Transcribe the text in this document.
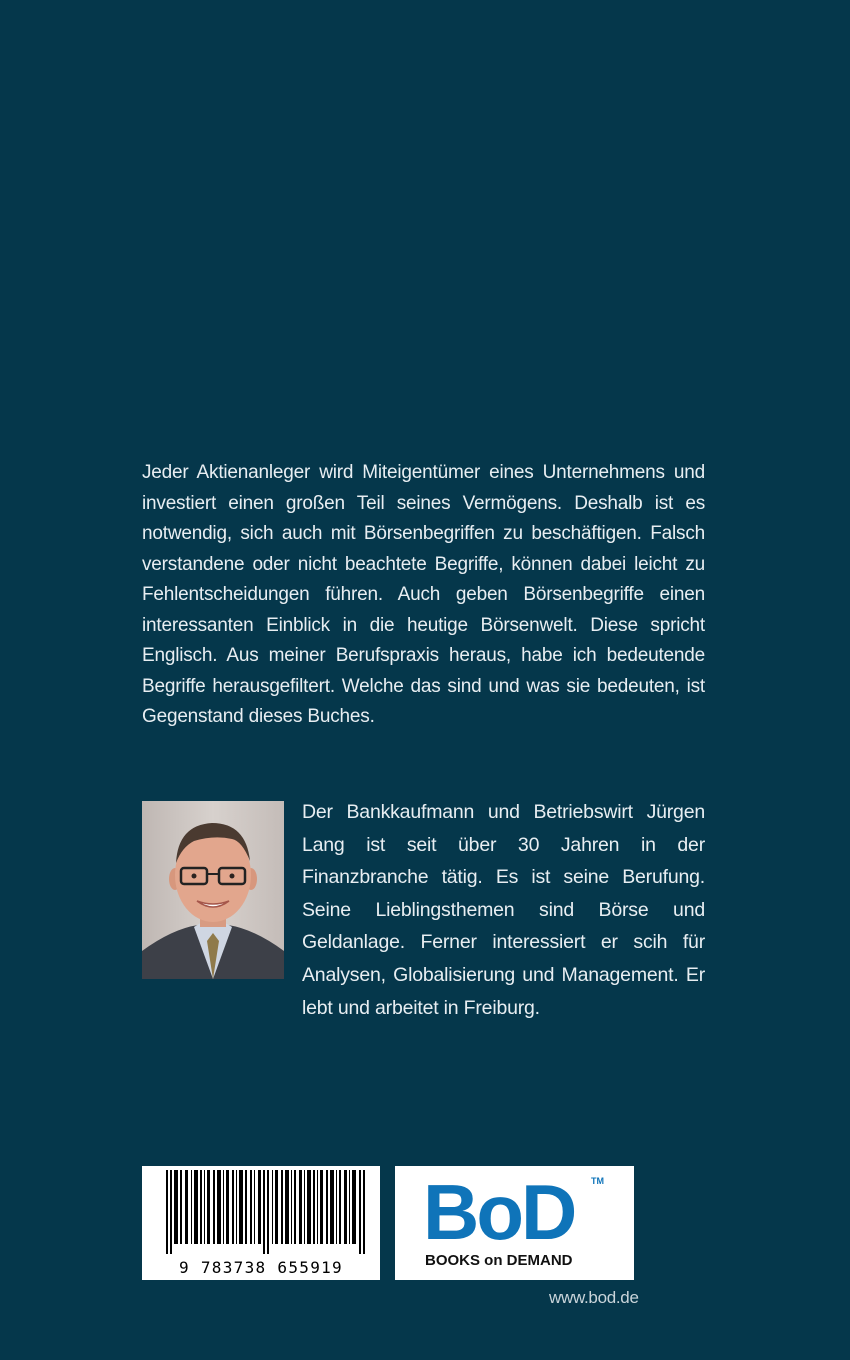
Jeder Aktienanleger wird Miteigentümer eines Unternehmens und investiert einen großen Teil seines Vermögens. Deshalb ist es notwendig, sich auch mit Börsenbegriffen zu beschäftigen. Falsch verstandene oder nicht beachtete Begriffe, können dabei leicht zu Fehlentscheidungen führen. Auch geben Börsenbegriffe einen interessanten Einblick in die heutige Börsenwelt. Diese spricht Englisch. Aus meiner Berufspraxis heraus, habe ich bedeutende Begriffe herausgefiltert. Welche das sind und was sie bedeuten, ist Gegenstand dieses Buches.
Der Bankkaufmann und Betriebswirt Jürgen Lang ist seit über 30 Jahren in der Finanzbranche tätig. Es ist seine Berufung. Seine Lieblingsthemen sind Börse und Geldanlage. Ferner interessiert er scih für Analysen, Globalisierung und Management. Er lebt und arbeitet in Freiburg.
9 783738 655919
BoD TM
BOOKS on DEMAND
www.bod.de
